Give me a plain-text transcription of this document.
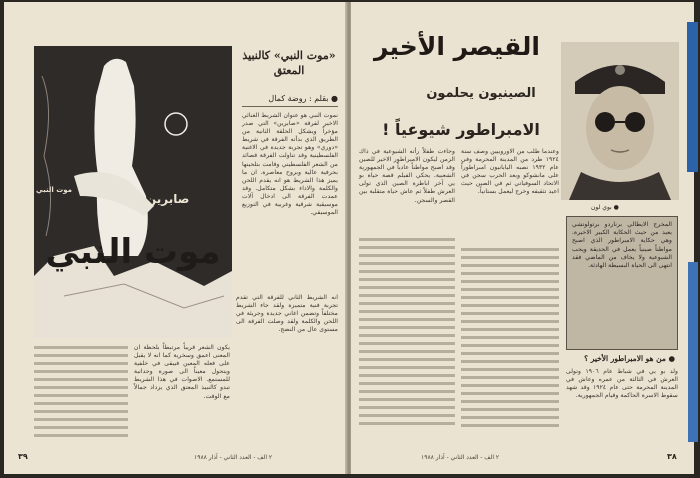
موت النبي
صابرين
موت النبي
«موت النبي» كالنبيذ المعتق
● بقلم : روضة كمال
نموت النبي هو عنوان الشريط الغنائي الاخير لفرقة «صابرين» التي صدر مؤخراً ويشكل الحلقة الثانية من الطريق الذي بدأته الفرقة في شريط «دوري» وهو تجربة جديدة في الاغنية الفلسطينية وقد تناولت الفرقة قصائد من الشعر الفلسطيني وقامت بتلحينها بحرفية عالية وبروح معاصرة. ان ما يميز هذا الشريط هو انه يقدم اللحن والكلمة والاداء بشكل متكامل. وقد عمدت الفرقة الى ادخال آلات موسيقية شرقية وغربية في التوزيع الموسيقي.
انه الشريط الثاني للفرقة التي تقدم تجربة فنية متميزة ولقد جاء الشريط مختلفاً وتضمن اغاني جديدة وجريئة في اللحن والكلمة ولقد وصلت الفرقة الى مستوى عال من النضج.
يكون الشعر قريباً مرتبطاً بلحظة ان المعنى اعمق وسخرية كما انه لا يقبل على فعله المعين فيبقى في خلفية ويتحول معيناً الى صورة وجدانية للمستمع. الاصوات في هذا الشريط تبدو كالنبيذ المعتق الذي يزداد جمالاً مع الوقت.
٣٩	٢ الف - العدد الثاني - آذار ١٩٨٨
القيصر الأخير
الصينيون يحلمون
الامبراطور شيوعياً !
● بوي لون
وجاءت طفلاً رأته الشيوعية في ذاك الزمن ليكون الامبراطور الاخير للصين وقد اصبح مواطناً عادياً في الجمهورية الشعبية. يحكي الفيلم قصة حياة بو يي آخر اباطرة الصين الذي تولى العرش طفلاً ثم عاش حياة متقلبة بين القصر والسجن.
وعندما طلب من الاوروبيين وصف سنة ١٩٢٤ طرد من المدينة المحرمة وفي عام ١٩٣٢ نصبه اليابانيون امبراطوراً على مانشوكو وبعد الحرب سجن في الاتحاد السوفياتي ثم في الصين حيث اعيد تثقيفه وخرج ليعمل بستانياً.
المخرج الايطالي برناردو برتولوتشي يعيد من حيث الحكاية الكبير الاخيرة. وهي حكاية الامبراطور الذي اصبح مواطناً صينياً يعمل في الحديقة ويحب الشيوعية ولا يخاف من الماضي فقد انتهى الى الحياة البسيطة الهادئة.
● من هو الامبراطور الأخير ؟
ولد بو يي في شباط عام ١٩٠٦ وتولى العرش في الثالثة من عمره وعاش في المدينة المحرمة حتى عام ١٩٢٤ وقد شهد سقوط الاسرة الحاكمة وقيام الجمهورية.
٢ الف - العدد الثاني - آذار ١٩٨٨	٣٨
